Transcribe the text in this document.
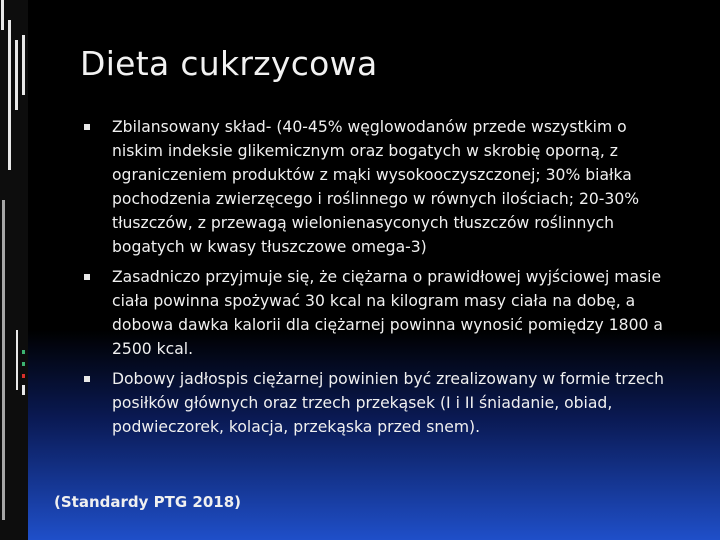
Dieta cukrzycowa
Zbilansowany skład- (40-45% węglowodanów przede wszystkim o niskim indeksie glikemicznym oraz bogatych w skrobię oporną, z ograniczeniem produktów z mąki wysokooczyszczonej; 30% białka pochodzenia zwierzęcego i roślinnego w równych ilościach; 20-30% tłuszczów, z przewagą wielonienasyconych tłuszczów roślinnych bogatych w kwasy tłuszczowe omega-3)
Zasadniczo przyjmuje się, że ciężarna o prawidłowej wyjściowej masie ciała powinna spożywać 30 kcal na kilogram masy ciała na dobę, a dobowa dawka kalorii dla ciężarnej powinna wynosić pomiędzy 1800 a 2500 kcal.
Dobowy jadłospis ciężarnej powinien być zrealizowany w formie trzech posiłków głównych oraz trzech przekąsek (I i II śniadanie, obiad, podwieczorek, kolacja, przekąska przed snem).
(Standardy PTG 2018)
